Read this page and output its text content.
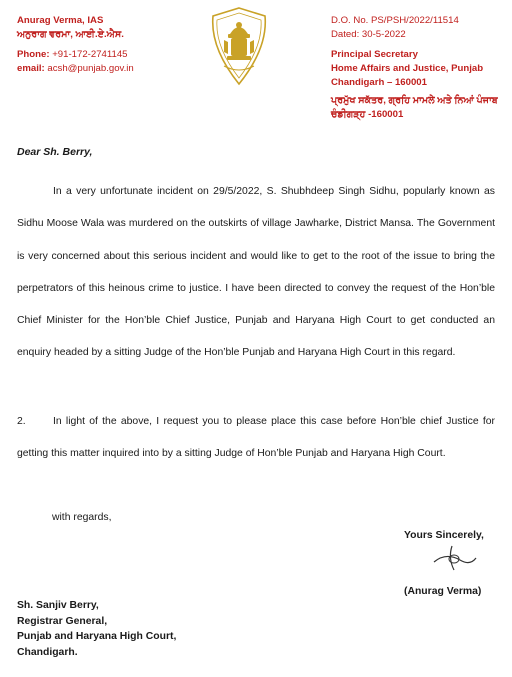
Anurag Verma, IAS
ਅਨੁਰਾਗ ਵਰਮਾ, ਆਈ.ਏ.ਐਸ.
Phone: +91-172-2741145
email: acsh@punjab.gov.in
D.O. No. PS/PSH/2022/11514
Dated: 30-5-2022
Principal Secretary
Home Affairs and Justice, Punjab
Chandigarh – 160001
ਪ੍ਰਮੁੱਖ ਸਕੱਤਰ, ਗ੍ਰਹਿ ਮਾਮਲੇ ਅਤੇ ਨਿਆਂ ਪੰਜਾਬ
ਚੰਡੀਗੜ੍ਹ -160001
Dear Sh. Berry,
In a very unfortunate incident on 29/5/2022, S. Shubhdeep Singh Sidhu, popularly known as Sidhu Moose Wala was murdered on the outskirts of village Jawharke, District Mansa. The Government is very concerned about this serious incident and would like to get to the root of the issue to bring the perpetrators of this heinous crime to justice. I have been directed to convey the request of the Hon’ble Chief Minister for the Hon’ble Chief Justice, Punjab and Haryana High Court to get conducted an enquiry headed by a sitting Judge of the Hon’ble Punjab and Haryana High Court in this regard.
2.	In light of the above, I request you to please place this case before Hon’ble chief Justice for getting this matter inquired into by a sitting Judge of Hon’ble Punjab and Haryana High Court.
with regards,
Yours Sincerely,
(Anurag Verma)
Sh. Sanjiv Berry,
Registrar General,
Punjab and Haryana High Court,
Chandigarh.
